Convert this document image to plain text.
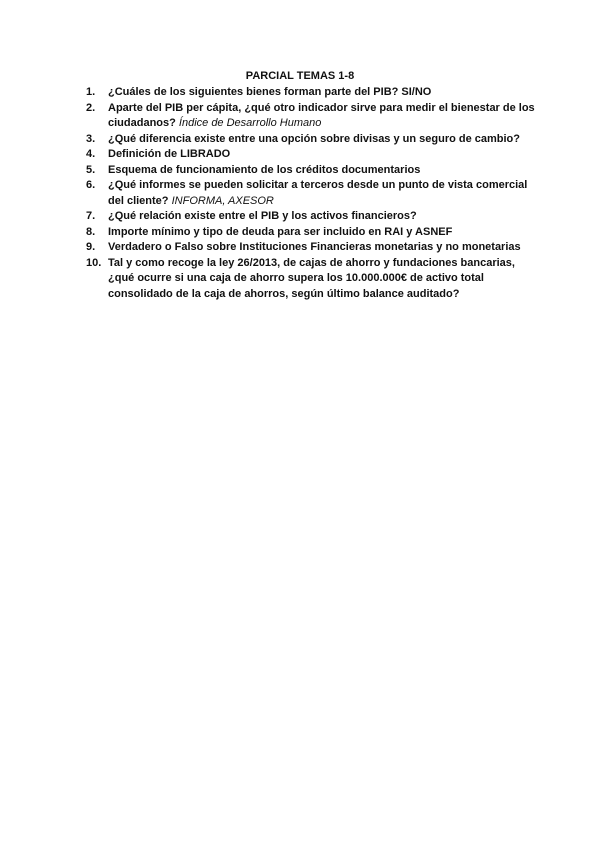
PARCIAL TEMAS 1-8
1.	¿Cuáles de los siguientes bienes forman parte del PIB? SI/NO
2.	Aparte del PIB per cápita, ¿qué otro indicador sirve para medir el bienestar de los ciudadanos? Índice de Desarrollo Humano
3.	¿Qué diferencia existe entre una opción sobre divisas y un seguro de cambio?
4.	Definición de LIBRADO
5.	Esquema de funcionamiento de los créditos documentarios
6.	¿Qué informes se pueden solicitar a terceros desde un punto de vista comercial del cliente? INFORMA, AXESOR
7.	¿Qué relación existe entre el PIB y los activos financieros?
8.	Importe mínimo y tipo de deuda para ser incluido en RAI y ASNEF
9.	Verdadero o Falso sobre Instituciones Financieras monetarias y no monetarias
10. Tal y como recoge la ley 26/2013, de cajas de ahorro y fundaciones bancarias, ¿qué ocurre si una caja de ahorro supera los 10.000.000€ de activo total consolidado de la caja de ahorros, según último balance auditado?
